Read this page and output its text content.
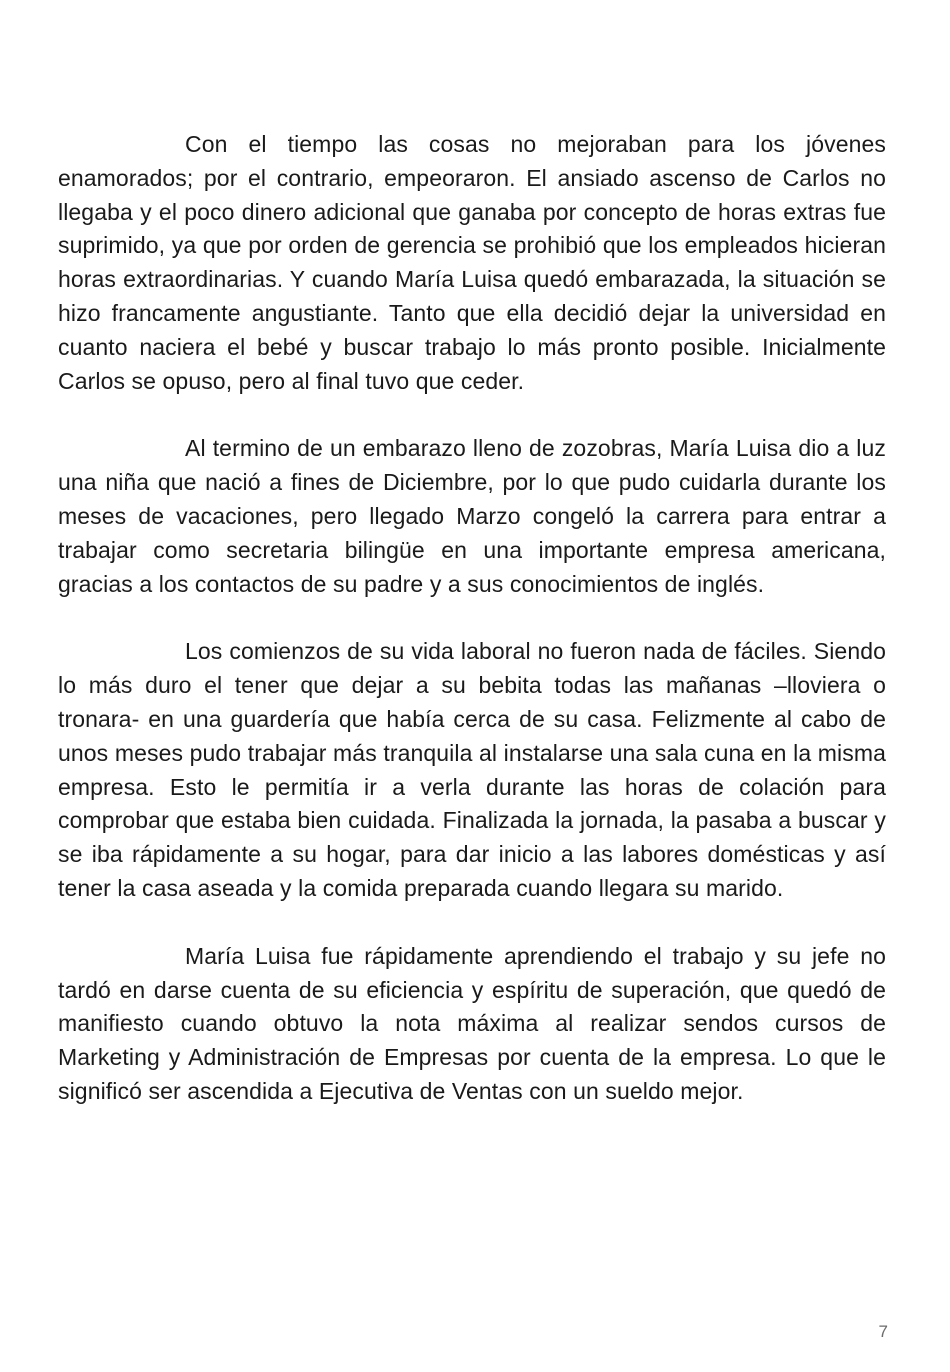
Con el tiempo las cosas no mejoraban para los jóvenes enamorados; por el contrario, empeoraron. El ansiado ascenso de Carlos no llegaba y el poco dinero adicional que ganaba por concepto de horas extras fue suprimido, ya que por orden de gerencia se prohibió que los empleados hicieran horas extraordinarias. Y cuando María Luisa quedó embarazada, la situación se hizo francamente angustiante. Tanto que ella decidió dejar la universidad en cuanto naciera el bebé y buscar trabajo lo más pronto posible. Inicialmente Carlos se opuso, pero al final tuvo que ceder.

Al termino de un embarazo lleno de zozobras, María Luisa dio a luz una niña que nació a fines de Diciembre, por lo que pudo cuidarla durante los meses de vacaciones, pero llegado Marzo congeló la carrera para entrar a trabajar como secretaria bilingüe en una importante empresa americana, gracias a los contactos de su padre y a sus conocimientos de inglés.

Los comienzos de su vida laboral no fueron nada de fáciles. Siendo lo más duro el tener que dejar a su bebita todas las mañanas –lloviera o tronara- en una guardería que había cerca de su casa. Felizmente al cabo de unos meses pudo trabajar más tranquila al instalarse una sala cuna en la misma empresa. Esto le permitía ir a verla durante las horas de colación para comprobar que estaba bien cuidada. Finalizada la jornada, la pasaba a buscar y se iba rápidamente a su hogar, para dar inicio a las labores domésticas y así tener la casa aseada y la comida preparada cuando llegara su marido.

María Luisa fue rápidamente aprendiendo el trabajo y su jefe no tardó en darse cuenta de su eficiencia y espíritu de superación, que quedó de manifiesto cuando obtuvo la nota máxima al realizar sendos cursos de Marketing y Administración de Empresas por cuenta de la empresa. Lo que le significó ser ascendida a Ejecutiva de Ventas con un sueldo mejor.

7
